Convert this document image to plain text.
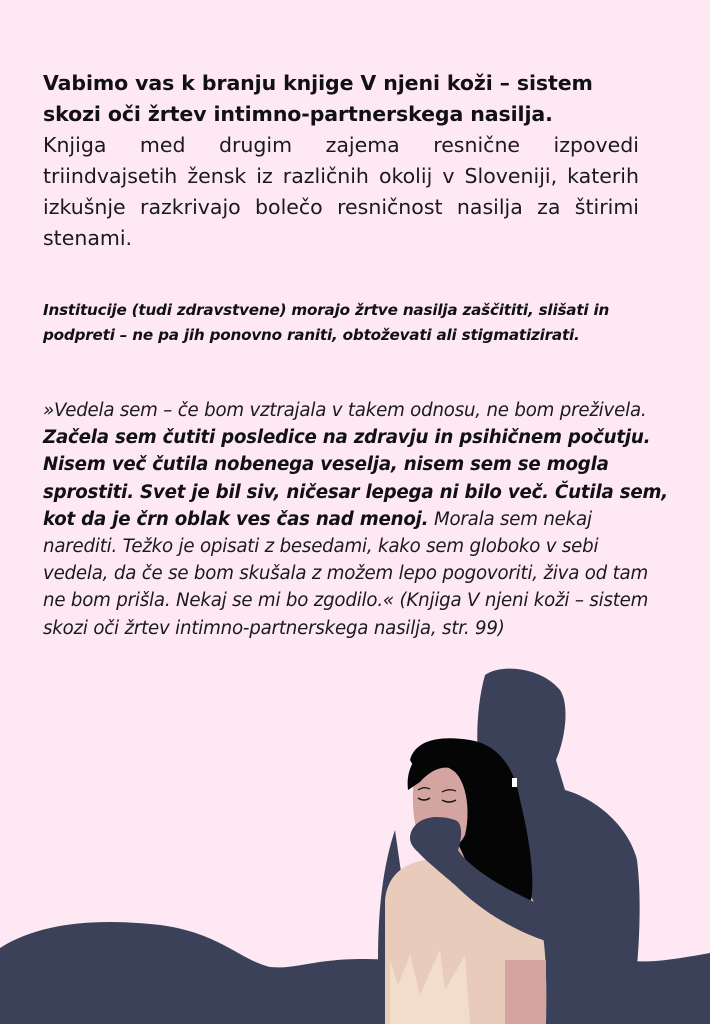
Vabimo vas k branju knjige V njeni koži – sistem skozi oči žrtev intimno-partnerskega nasilja.

Knjiga med drugim zajema resnične izpovedi triindvajsetih žensk iz različnih okolij v Sloveniji, katerih izkušnje razkrivajo bolečo resničnost nasilja za štirimi stenami.

Institucije (tudi zdravstvene) morajo žrtve nasilja zaščititi, slišati in podpreti – ne pa jih ponovno raniti, obtoževati ali stigmatizirati.

»Vedela sem – če bom vztrajala v takem odnosu, ne bom preživela. Začela sem čutiti posledice na zdravju in psihičnem počutju. Nisem več čutila nobenega veselja, nisem sem se mogla sprostiti. Svet je bil siv, ničesar lepega ni bilo več. Čutila sem, kot da je črn oblak ves čas nad menoj. Morala sem nekaj narediti. Težko je opisati z besedami, kako sem globoko v sebi vedela, da če se bom skušala z možem lepo pogovoriti, živa od tam ne bom prišla. Nekaj se mi bo zgodilo.« (Knjiga V njeni koži – sistem skozi oči žrtev intimno-partnerskega nasilja, str. 99)
